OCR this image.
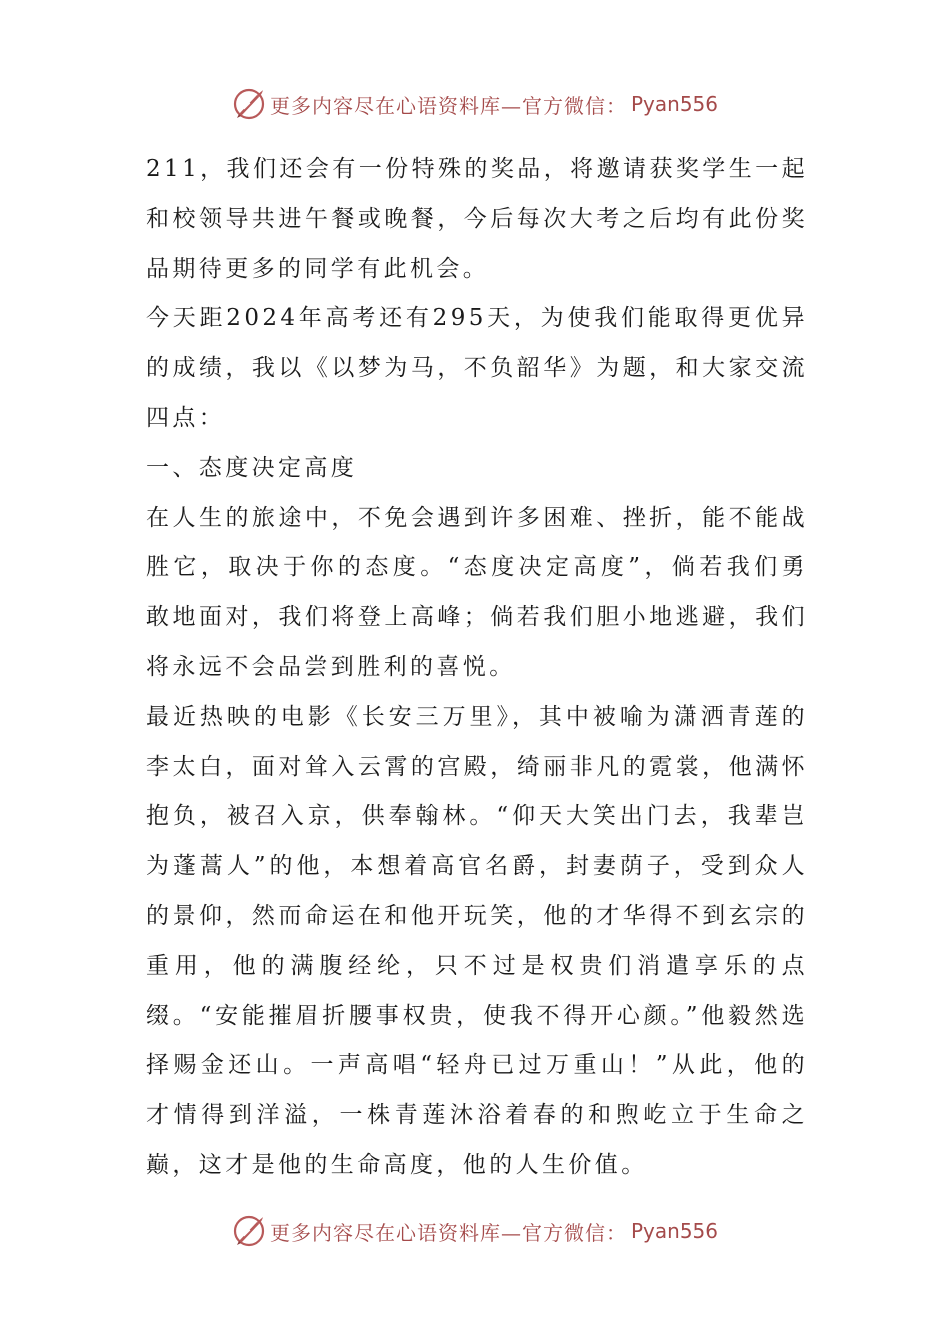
更多内容尽在心语资料库—官方微信： Pyan556

211，我们还会有一份特殊的奖品，将邀请获奖学生一起和校领导共进午餐或晚餐，今后每次大考之后均有此份奖品期待更多的同学有此机会。

今天距2024年高考还有295天，为使我们能取得更优异的成绩，我以《以梦为马，不负韶华》为题，和大家交流四点：

一、态度决定高度

在人生的旅途中，不免会遇到许多困难、挫折，能不能战胜它，取决于你的态度。“态度决定高度”，倘若我们勇敢地面对，我们将登上高峰；倘若我们胆小地逃避，我们将永远不会品尝到胜利的喜悦。

最近热映的电影《长安三万里》，其中被喻为潇洒青莲的李太白，面对耸入云霄的宫殿，绮丽非凡的霓裳，他满怀抱负，被召入京，供奉翰林。“仰天大笑出门去，我辈岂为蓬蒿人”的他，本想着高官名爵，封妻荫子，受到众人的景仰，然而命运在和他开玩笑，他的才华得不到玄宗的重用，他的满腹经纶，只不过是权贵们消遣享乐的点缀。“安能摧眉折腰事权贵，使我不得开心颜。”他毅然选择赐金还山。一声高唱“轻舟已过万重山！”从此，他的才情得到洋溢，一株青莲沐浴着春的和煦屹立于生命之巅，这才是他的生命高度，他的人生价值。

更多内容尽在心语资料库—官方微信： Pyan556
